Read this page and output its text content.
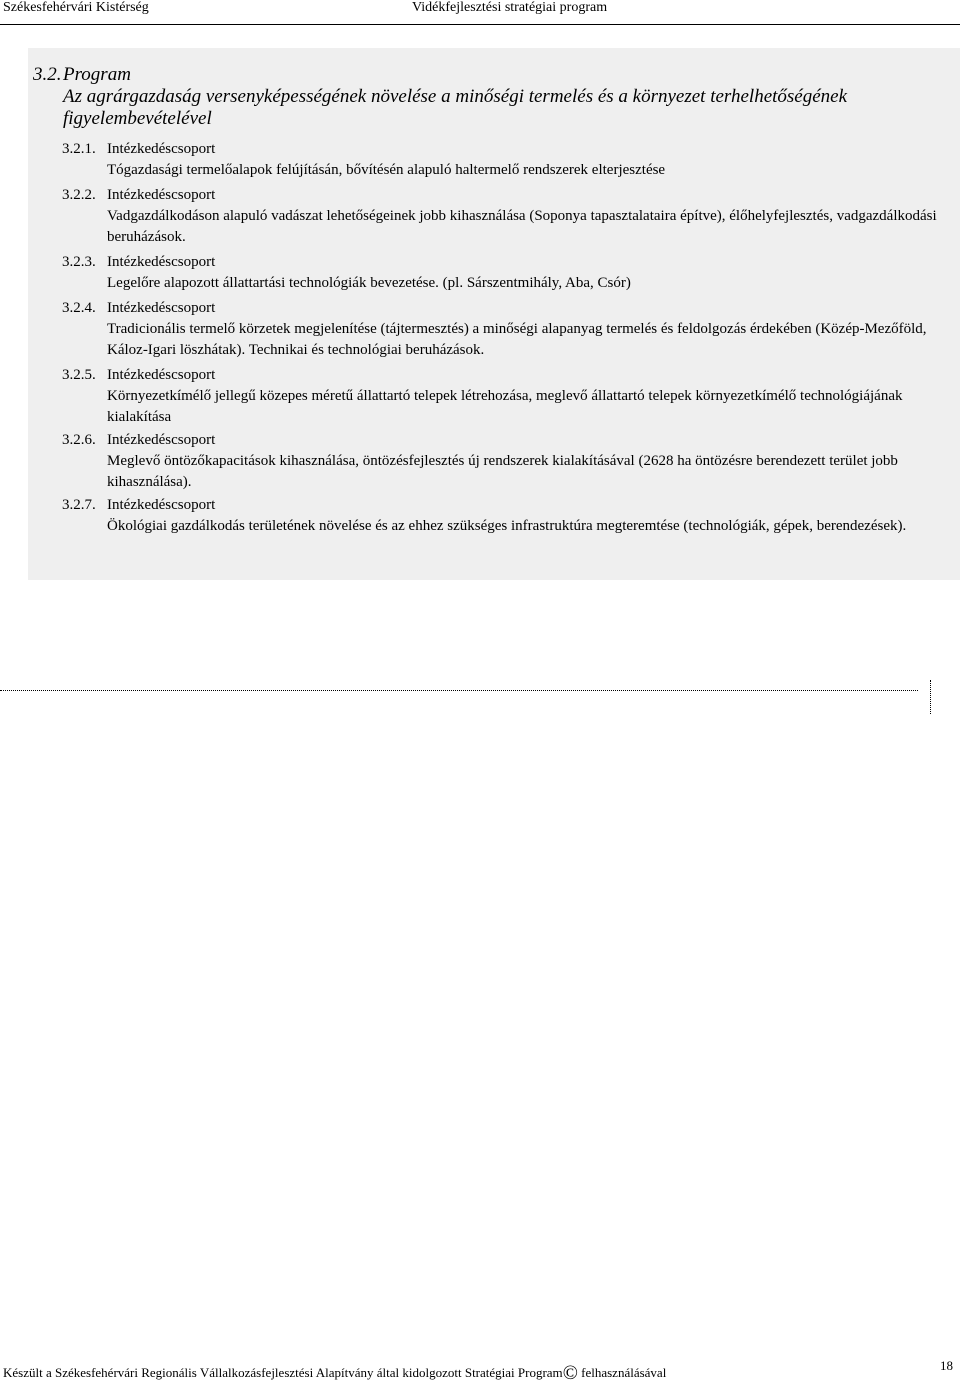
Székesfehérvári Kistérség	Vidékfejlesztési stratégiai program
3.2.Program
Az agrárgazdaság versenyképességének növelése a minőségi termelés és a környezet terhelhetőségének
figyelembevételével
3.2.1. Intézkedéscsoport
Tógazdasági termelőalapok felújításán, bővítésén alapuló haltermelő rendszerek elterjesztése
3.2.2. Intézkedéscsoport
Vadgazdálkodáson alapuló vadászat lehetőségeinek jobb kihasználása (Soponya tapasztalataira építve), élőhelyfejlesztés, vadgazdálkodási beruházások.
3.2.3. Intézkedéscsoport
Legelőre alapozott állattartási technológiák bevezetése. (pl. Sárszentmihály, Aba, Csór)
3.2.4. Intézkedéscsoport
Tradicionális termelő körzetek megjelenítése (tájtermesztés) a minőségi alapanyag termelés és feldolgozás érdekében (Közép-Mezőföld, Káloz-Igari löszhátak). Technikai és technológiai beruházások.
3.2.5. Intézkedéscsoport
Környezetkímélő jellegű közepes méretű állattartó telepek létrehozása, meglevő állattartó telepek környezetkímélő technológiájának kialakítása
3.2.6. Intézkedéscsoport
Meglevő öntözőkapacitások kihasználása, öntözésfejlesztés új rendszerek kialakításával (2628 ha öntözésre berendezett terület jobb kihasználása).
3.2.7. Intézkedéscsoport
Ökológiai gazdálkodás területének növelése és az ehhez szükséges infrastruktúra megteremtése (technológiák, gépek, berendezések).
Készült a Székesfehérvári Regionális Vállalkozásfejlesztési Alapítvány által kidolgozott Stratégiai Program© felhasználásával	18
